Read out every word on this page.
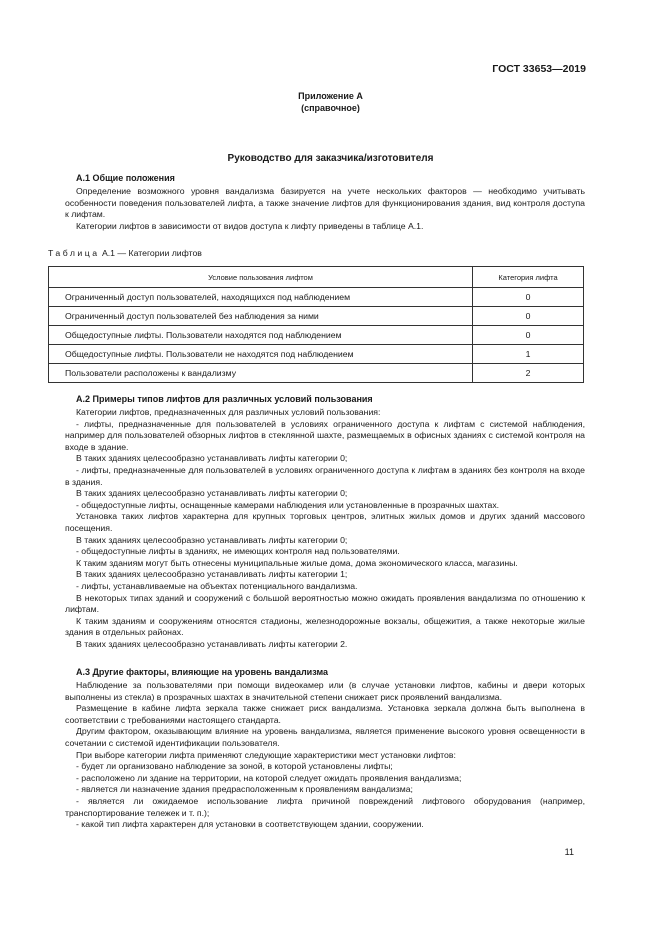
ГОСТ 33653—2019
Приложение А
(справочное)
Руководство для заказчика/изготовителя
А.1 Общие положения

Определение возможного уровня вандализма базируется на учете нескольких факторов — необходимо учитывать особенности поведения пользователей лифта, а также значение лифтов для функционирования здания, вид контроля доступа к лифтам.

Категории лифтов в зависимости от видов доступа к лифту приведены в таблице А.1.

Таблица А.1 — Категории лифтов
Условие пользования лифтом	Категория лифта
Ограниченный доступ пользователей, находящихся под наблюдением	0
Ограниченный доступ пользователей без наблюдения за ними	0
Общедоступные лифты. Пользователи находятся под наблюдением	0
Общедоступные лифты. Пользователи не находятся под наблюдением	1
Пользователи расположены к вандализму	2
А.2 Примеры типов лифтов для различных условий пользования

Категории лифтов, предназначенных для различных условий пользования:

- лифты, предназначенные для пользователей в условиях ограниченного доступа к лифтам с системой наблюдения, например для пользователей обзорных лифтов в стеклянной шахте, размещаемых в офисных зданиях с системой контроля на входе в здание.

В таких зданиях целесообразно устанавливать лифты категории 0;

- лифты, предназначенные для пользователей в условиях ограниченного доступа к лифтам в зданиях без контроля на входе в здания.

В таких зданиях целесообразно устанавливать лифты категории 0;

- общедоступные лифты, оснащенные камерами наблюдения или установленные в прозрачных шахтах.

Установка таких лифтов характерна для крупных торговых центров, элитных жилых домов и других зданий массового посещения.

В таких зданиях целесообразно устанавливать лифты категории 0;

- общедоступные лифты в зданиях, не имеющих контроля над пользователями.

К таким зданиям могут быть отнесены муниципальные жилые дома, дома экономического класса, магазины.

В таких зданиях целесообразно устанавливать лифты категории 1;

- лифты, устанавливаемые на объектах потенциального вандализма.

В некоторых типах зданий и сооружений с большой вероятностью можно ожидать проявления вандализма по отношению к лифтам.

К таким зданиям и сооружениям относятся стадионы, железнодорожные вокзалы, общежития, а также некоторые жилые здания в отдельных районах.

В таких зданиях целесообразно устанавливать лифты категории 2.

А.3 Другие факторы, влияющие на уровень вандализма

Наблюдение за пользователями при помощи видеокамер или (в случае установки лифтов, кабины и двери которых выполнены из стекла) в прозрачных шахтах в значительной степени снижает риск проявлений вандализма.

Размещение в кабине лифта зеркала также снижает риск вандализма. Установка зеркала должна быть выполнена в соответствии с требованиями настоящего стандарта.

Другим фактором, оказывающим влияние на уровень вандализма, является применение высокого уровня освещенности в сочетании с системой идентификации пользователя.

При выборе категории лифта применяют следующие характеристики мест установки лифтов:

- будет ли организовано наблюдение за зоной, в которой установлены лифты;

- расположено ли здание на территории, на которой следует ожидать проявления вандализма;

- является ли назначение здания предрасположенным к проявлениям вандализма;

- является ли ожидаемое использование лифта причиной повреждений лифтового оборудования (например, транспортирование тележек и т. п.);

- какой тип лифта характерен для установки в соответствующем здании, сооружении.

11
